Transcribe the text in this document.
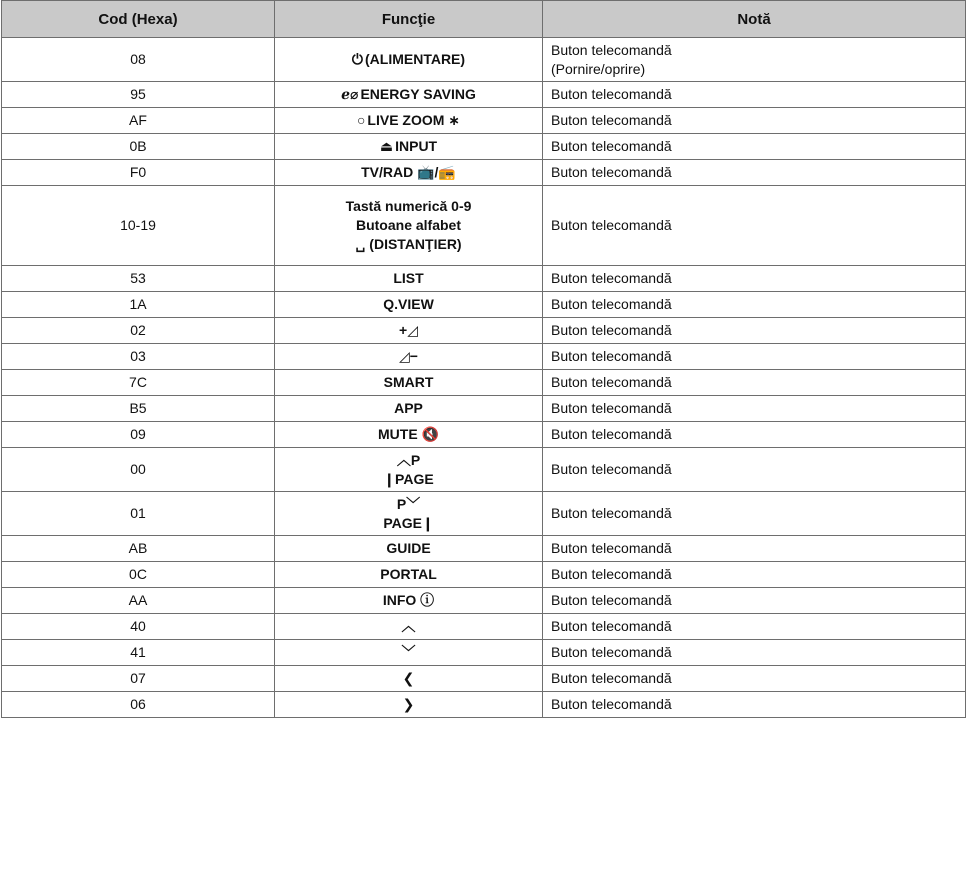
Cod (Hexa)	Funcţie	Notă
08	⏻ (ALIMENTARE)	Buton telecomandă
(Pornire/oprire)

95	ℯ⌀ ENERGY SAVING	Buton telecomandă
AF	○ LIVE ZOOM ∗	Buton telecomandă
0B	⏏ INPUT	Buton telecomandă
F0	TV/RAD 📺/📻	Buton telecomandă
10-19	Tastă numerică 0-9
Butoane alfabet
␣ (DISTANŢIER)	Buton telecomandă
53	LIST	Buton telecomandă
1A	Q.VIEW	Buton telecomandă
02	+◿	Buton telecomandă
03	◿−	Buton telecomandă
7C	SMART	Buton telecomandă
B5	APP	Buton telecomandă
09	MUTE 🔇	Buton telecomandă
00	︿P
❙PAGE	Buton telecomandă
01	P﹀
PAGE❙	Buton telecomandă
AB	GUIDE	Buton telecomandă
0C	PORTAL	Buton telecomandă
AA	INFO ⓘ	Buton telecomandă
40	︿	Buton telecomandă
41	﹀	Buton telecomandă
07	❮	Buton telecomandă
06	❯	Buton telecomandă
